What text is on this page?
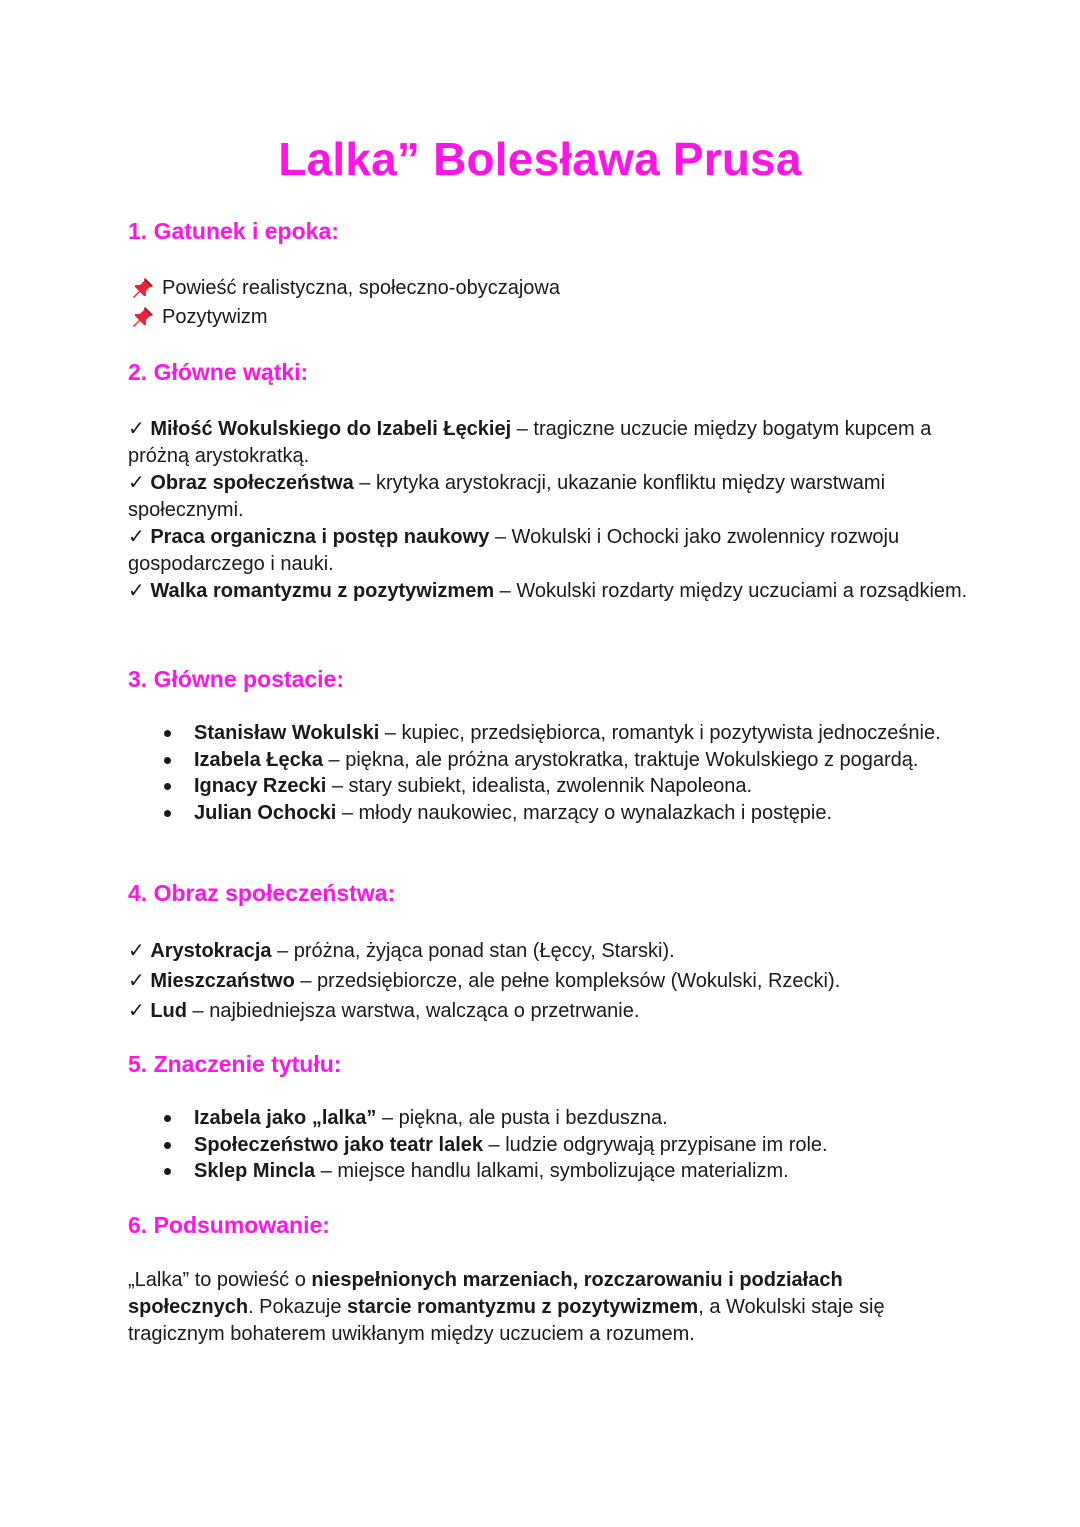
Lalka” Bolesława Prusa
1. Gatunek i epoka:
Powieść realistyczna, społeczno-obyczajowa
Pozytywizm
2. Główne wątki:

✓ Miłość Wokulskiego do Izabeli Łęckiej – tragiczne uczucie między bogatym kupcem a próżną arystokratką.

✓ Obraz społeczeństwa – krytyka arystokracji, ukazanie konfliktu między warstwami społecznymi.

✓ Praca organiczna i postęp naukowy – Wokulski i Ochocki jako zwolennicy rozwoju gospodarczego i nauki.

✓ Walka romantyzmu z pozytywizmem – Wokulski rozdarty między uczuciami a rozsądkiem.

3. Główne postacie:
Stanisław Wokulski – kupiec, przedsiębiorca, romantyk i pozytywista jednocześnie.
Izabela Łęcka – piękna, ale próżna arystokratka, traktuje Wokulskiego z pogardą.
Ignacy Rzecki – stary subiekt, idealista, zwolennik Napoleona.
Julian Ochocki – młody naukowiec, marzący o wynalazkach i postępie.
4. Obraz społeczeństwa:

✓ Arystokracja – próżna, żyjąca ponad stan (Łęccy, Starski).

✓ Mieszczaństwo – przedsiębiorcze, ale pełne kompleksów (Wokulski, Rzecki).

✓ Lud – najbiedniejsza warstwa, walcząca o przetrwanie.

5. Znaczenie tytułu:
Izabela jako „lalka” – piękna, ale pusta i bezduszna.
Społeczeństwo jako teatr lalek – ludzie odgrywają przypisane im role.
Sklep Mincla – miejsce handlu lalkami, symbolizujące materializm.
6. Podsumowanie:

„Lalka” to powieść o niespełnionych marzeniach, rozczarowaniu i podziałach społecznych. Pokazuje starcie romantyzmu z pozytywizmem, a Wokulski staje się tragicznym bohaterem uwikłanym między uczuciem a rozumem.
